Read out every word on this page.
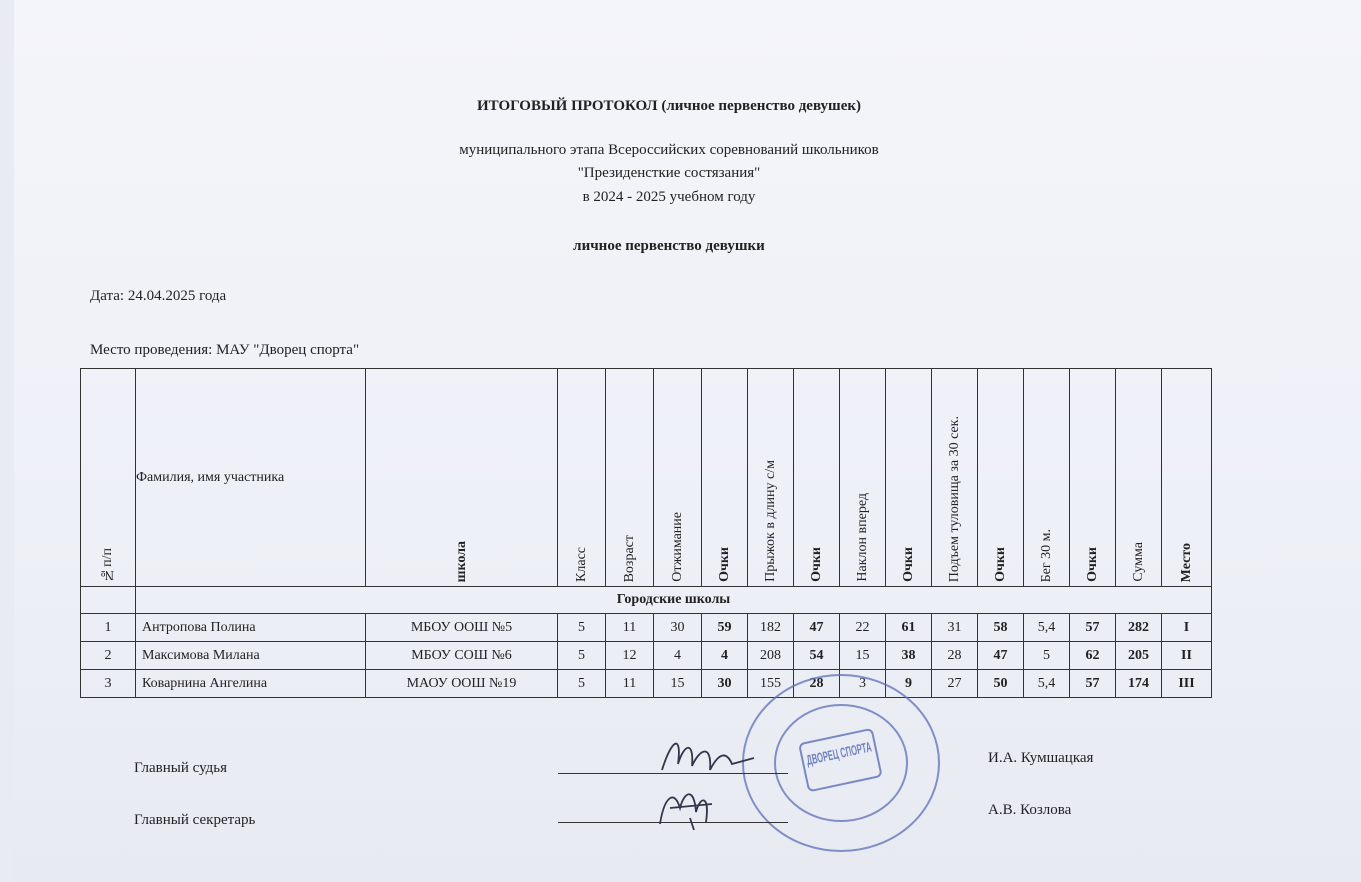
ИТОГОВЫЙ ПРОТОКОЛ (личное первенство девушек)
муниципального этапа Всероссийских соревнований школьников
"Президенсткие состязания"
в 2024 - 2025 учебном году
личное первенство девушки
Дата: 24.04.2025 года
Место проведения: МАУ "Дворец спорта"
№п/п	Фамилия, имя участника	школа	Класс	Возраст	Отжимание	Очки	Прыжок в длину с/м	Очки	Наклон вперед	Очки	Подъем туловища за 30 сек.	Очки	Бег 30 м.	Очки	Сумма	Место

	Городские школы															
1	Антропова Полина	МБОУ ООШ №5	5	11	30	59	182	47	22	61	31	58	5,4	57	282	I
2	Максимова Милана	МБОУ СОШ №6	5	12	4	4	208	54	15	38	28	47	5	62	205	II
3	Коварнина Ангелина	МАОУ ООШ №19	5	11	15	30	155	28	3	9	27	50	5,4	57	174	III
ДВОРЕЦ СПОРТА
Главный судья
И.А. Кумшацкая
Главный секретарь
А.В. Козлова
